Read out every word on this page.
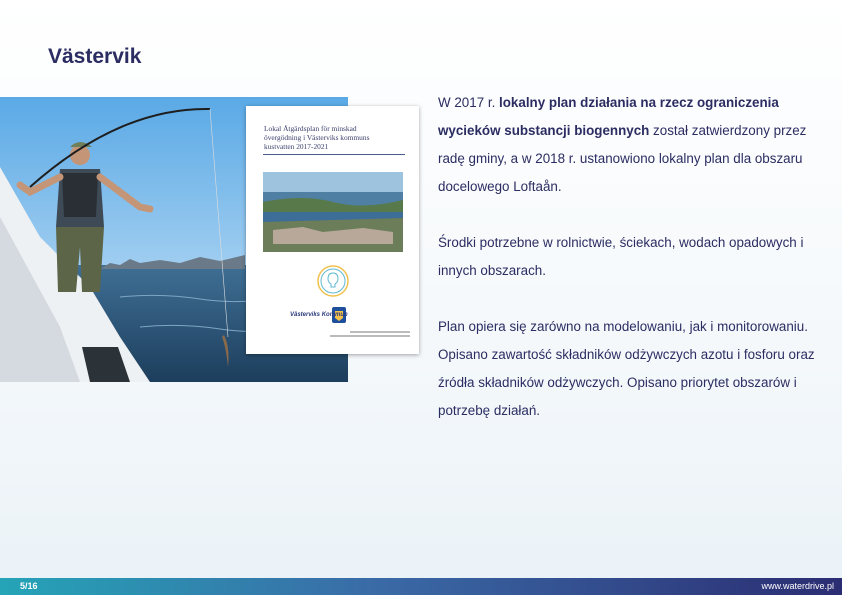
Västervik
Lokal Åtgärdsplan för minskad
övergödning i Västerviks kommuns
kustvatten 2017-2021
Västerviks Kommun

W 2017 r. lokalny plan działania na rzecz ograniczenia wycieków substancji biogennych został zatwierdzony przez radę gminy, a w 2018 r. ustanowiono lokalny plan dla obszaru docelowego Loftaån.

Środki potrzebne w rolnictwie, ściekach, wodach opadowych i innych obszarach.

Plan opiera się zarówno na modelowaniu, jak i monitorowaniu. Opisano zawartość składników odżywczych azotu i fosforu oraz źródła składników odżywczych. Opisano priorytet obszarów i potrzebę działań.

5/16	www.waterdrive.pl
